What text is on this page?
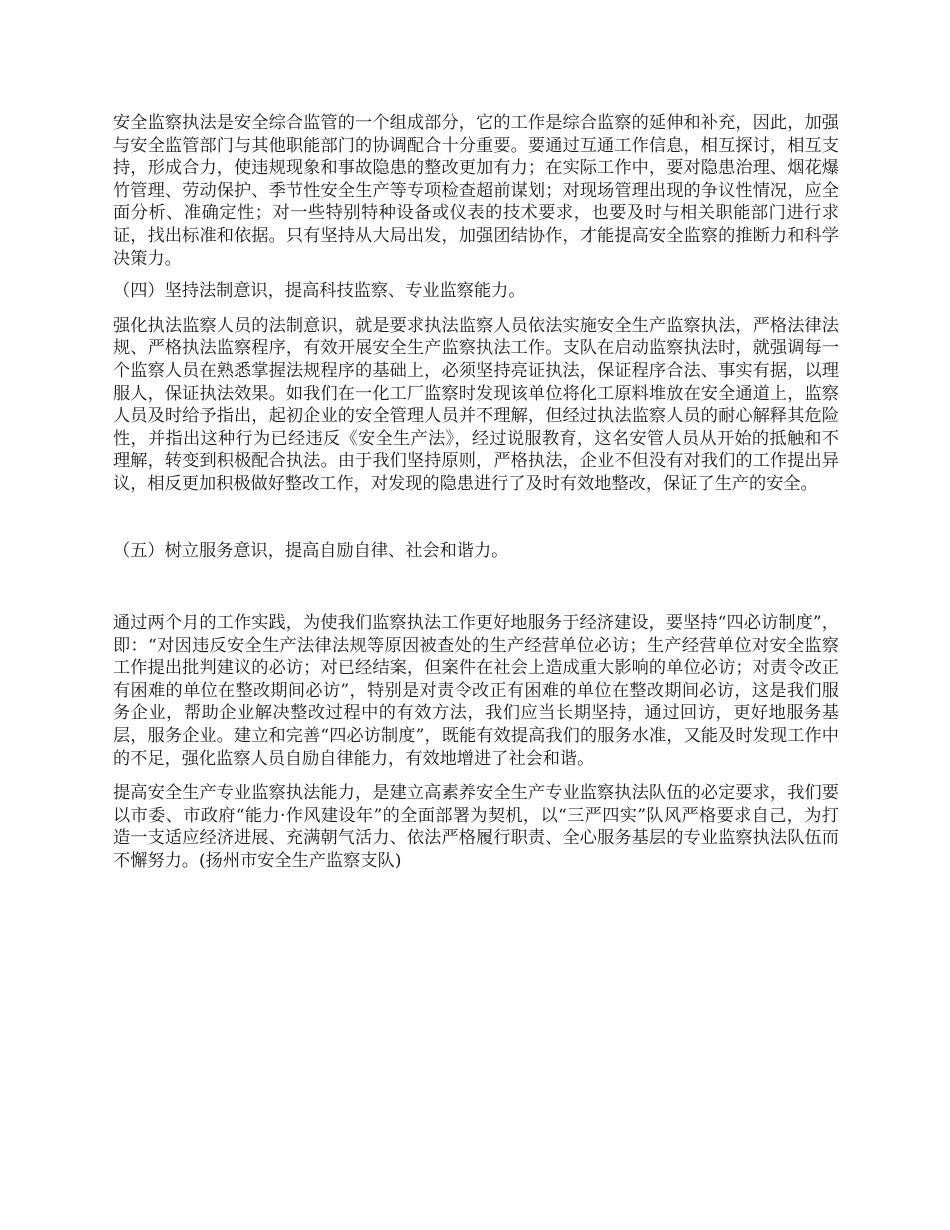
安全监察执法是安全综合监管的一个组成部分，它的工作是综合监察的延伸和补充，因此，加强与安全监管部门与其他职能部门的协调配合十分重要。要通过互通工作信息，相互探讨，相互支持，形成合力，使违规现象和事故隐患的整改更加有力；在实际工作中，要对隐患治理、烟花爆竹管理、劳动保护、季节性安全生产等专项检查超前谋划；对现场管理出现的争议性情况，应全面分析、准确定性；对一些特别特种设备或仪表的技术要求，也要及时与相关职能部门进行求证，找出标准和依据。只有坚持从大局出发，加强团结协作，才能提高安全监察的推断力和科学决策力。

（四）坚持法制意识，提高科技监察、专业监察能力。

强化执法监察人员的法制意识，就是要求执法监察人员依法实施安全生产监察执法，严格法律法规、严格执法监察程序，有效开展安全生产监察执法工作。支队在启动监察执法时，就强调每一个监察人员在熟悉掌握法规程序的基础上，必须坚持亮证执法，保证程序合法、事实有据，以理服人，保证执法效果。如我们在一化工厂监察时发现该单位将化工原料堆放在安全通道上，监察人员及时给予指出，起初企业的安全管理人员并不理解，但经过执法监察人员的耐心解释其危险性，并指出这种行为已经违反《安全生产法》，经过说服教育，这名安管人员从开始的抵触和不理解，转变到积极配合执法。由于我们坚持原则，严格执法，企业不但没有对我们的工作提出异议，相反更加积极做好整改工作，对发现的隐患进行了及时有效地整改，保证了生产的安全。

（五）树立服务意识，提高自励自律、社会和谐力。

通过两个月的工作实践，为使我们监察执法工作更好地服务于经济建设，要坚持“四必访制度”，即：“对因违反安全生产法律法规等原因被查处的生产经营单位必访；生产经营单位对安全监察工作提出批判建议的必访；对已经结案，但案件在社会上造成重大影响的单位必访；对责令改正有困难的单位在整改期间必访”，特别是对责令改正有困难的单位在整改期间必访，这是我们服务企业，帮助企业解决整改过程中的有效方法，我们应当长期坚持，通过回访，更好地服务基层，服务企业。建立和完善“四必访制度”，既能有效提高我们的服务水准，又能及时发现工作中的不足，强化监察人员自励自律能力，有效地增进了社会和谐。

提高安全生产专业监察执法能力，是建立高素养安全生产专业监察执法队伍的必定要求，我们要以市委、市政府“能力·作风建设年”的全面部署为契机，以“三严四实”队风严格要求自己，为打造一支适应经济进展、充满朝气活力、依法严格履行职责、全心服务基层的专业监察执法队伍而不懈努力。(扬州市安全生产监察支队)
